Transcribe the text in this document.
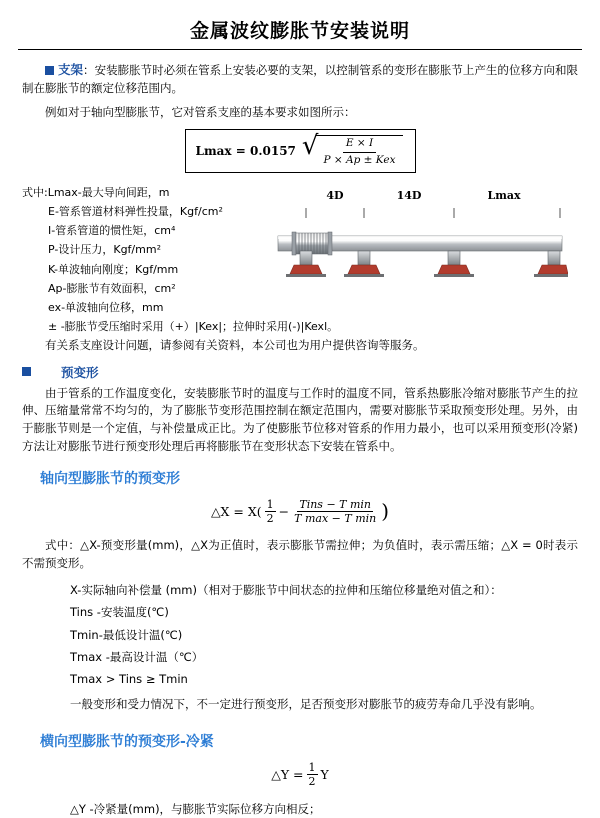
金属波纹膨胀节安装说明

支架：安装膨胀节时必须在管系上安装必要的支架，以控制管系的变形在膨胀节上产生的位移方向和限制在膨胀节的额定位移范围内。

例如对于轴向型膨胀节，它对管系支座的基本要求如图所示：

Lmax = 0.0157 √ $\frac{E \times I}{\text{P × Ap ± Kex}}$
式中:Lmax-最大导向间距，m
E-管系管道材料弹性投量，Kgf/cm²
I-管系管道的惯性矩，cm⁴
P-设计压力，Kgf/mm²
K-单波轴向刚度；Kgf/mm
Ap-膨胀节有效面积，cm²
ex-单波轴向位移，mm
± -膨胀节受压缩时采用（+）|Kex|；拉伸时采用(-)|Kexl。
4D	14D	Lmax

有关系支座设计问题，请参阅有关资料，本公司也为用户提供咨询等服务。

预变形

由于管系的工作温度变化，安装膨胀节时的温度与工作时的温度不同，管系热膨胀冷缩对膨胀节产生的拉伸、压缩量常常不均匀的，为了膨胀节变形范围控制在额定范围内，需要对膨胀节采取预变形处理。另外，由于膨胀节则是一个定值，与补偿量成正比。为了使膨胀节位移对管系的作用力最小，也可以采用预变形(冷紧)方法让对膨胀节进行预变形处理后再将膨胀节在变形状态下安装在管系中。

轴向型膨胀节的预变形
△X = $X( \frac{1}{2} - \frac{\text{Tins − T min}}{\text{T max − T min}}$ )

式中：△X-预变形量(mm)，△X为正值时，表示膨胀节需拉伸；为负值时，表示需压缩；△X = 0时表示不需预变形。

X-实际轴向补偿量 (mm)（相对于膨胀节中间状态的拉伸和压缩位移量绝对值之和）：
Tins -安装温度(℃)
Tmin-最低设计温(℃)
Tmax -最高设计温（℃）
Tmax > Tins ≥ Tmin
一般变形和受力情况下，不一定进行预变形，足否预变形对膨胀节的疲劳寿命几乎没有影响。
横向型膨胀节的预变形-冷紧
△Y = $\frac{1}{2}$ Y

△Y -冷紧量(mm)，与膨胀节实际位移方向相反；
